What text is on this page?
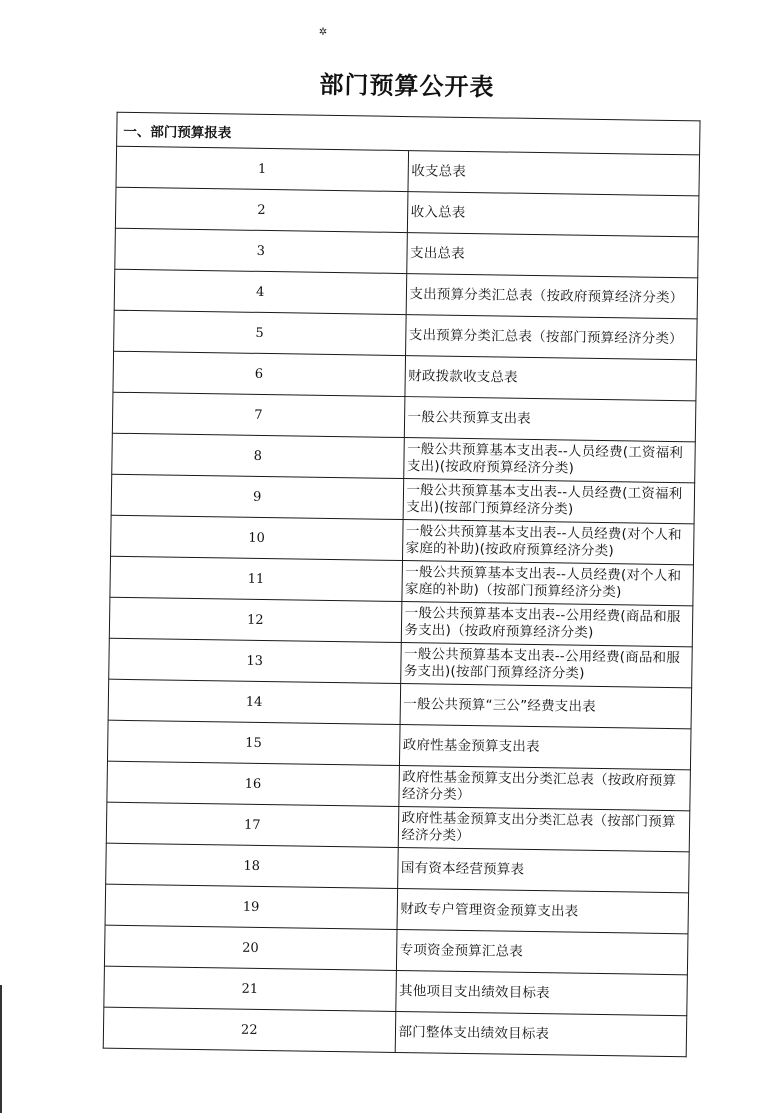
✲
部门预算公开表
一、部门预算报表	
1	收支总表
2	收入总表
3	支出总表
4	支出预算分类汇总表（按政府预算经济分类）
5	支出预算分类汇总表（按部门预算经济分类）
6	财政拨款收支总表
7	一般公共预算支出表
8	一般公共预算基本支出表--人员经费(工资福利支出)(按政府预算经济分类)
9	一般公共预算基本支出表--人员经费(工资福利支出)(按部门预算经济分类)
10	一般公共预算基本支出表--人员经费(对个人和家庭的补助)(按政府预算经济分类)
11	一般公共预算基本支出表--人员经费(对个人和家庭的补助)（按部门预算经济分类)
12	一般公共预算基本支出表--公用经费(商品和服务支出)（按政府预算经济分类)
13	一般公共预算基本支出表--公用经费(商品和服务支出)(按部门预算经济分类)
14	一般公共预算“三公”经费支出表
15	政府性基金预算支出表
16	政府性基金预算支出分类汇总表（按政府预算经济分类）
17	政府性基金预算支出分类汇总表（按部门预算经济分类）
18	国有资本经营预算表
19	财政专户管理资金预算支出表
20	专项资金预算汇总表
21	其他项目支出绩效目标表
22	部门整体支出绩效目标表
